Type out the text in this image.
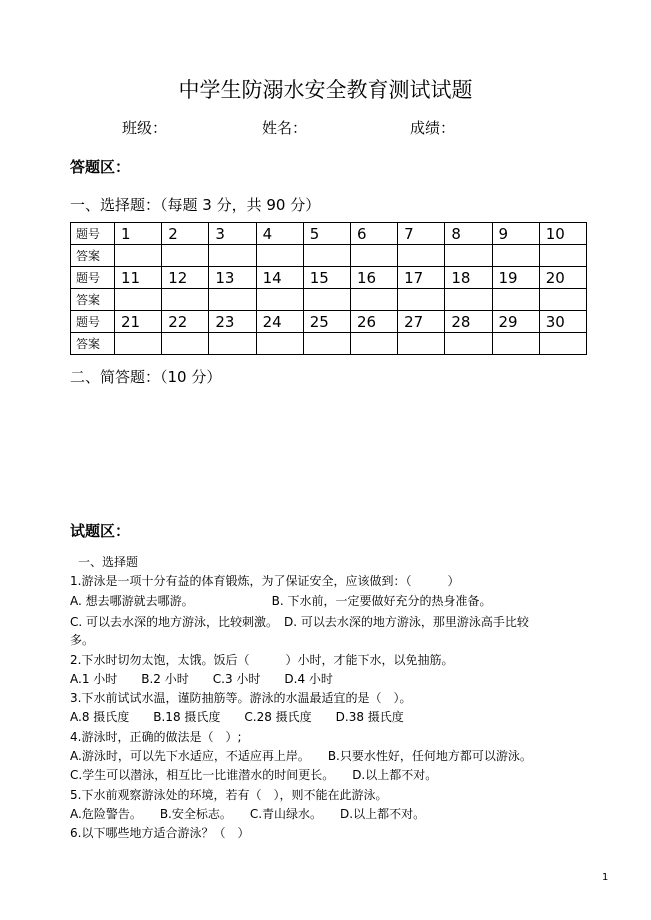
中学生防溺水安全教育测试试题
班级：	姓名：	成绩：
答题区：
一、选择题：（每题 3 分，共 90 分）
题号	1	2	3	4	5	6	7	8	9	10
答案										
题号	11	12	13	14	15	16	17	18	19	20
答案										
题号	21	22	23	24	25	26	27	28	29	30
答案										
二、简答题：（10 分）
试题区：
一、选择题
1.游泳是一项十分有益的体育锻炼，为了保证安全，应该做到：（　　　）
A. 想去哪游就去哪游。　　　　　　　B. 下水前，一定要做好充分的热身准备。
C. 可以去水深的地方游泳，比较刺激。　D. 可以去水深的地方游泳，那里游泳高手比较
多。
2.下水时切勿太饱，太饿。饭后（　　　）小时，才能下水，以免抽筋。
A.1 小时　　B.2 小时　　C.3 小时　　D.4 小时
3.下水前试试水温，谨防抽筋等。游泳的水温最适宜的是（　）。
A.8 摄氏度　　B.18 摄氏度　　C.28 摄氏度　　D.38 摄氏度
4.游泳时，正确的做法是（　）;
A.游泳时，可以先下水适应，不适应再上岸。　　B.只要水性好，任何地方都可以游泳。
C.学生可以潜泳，相互比一比谁潜水的时间更长。　　D.以上都不对。
5.下水前观察游泳处的环境，若有（　），则不能在此游泳。
A.危险警告。　　B.安全标志。　　C.青山绿水。　　D.以上都不对。
6.以下哪些地方适合游泳？（　）
1
